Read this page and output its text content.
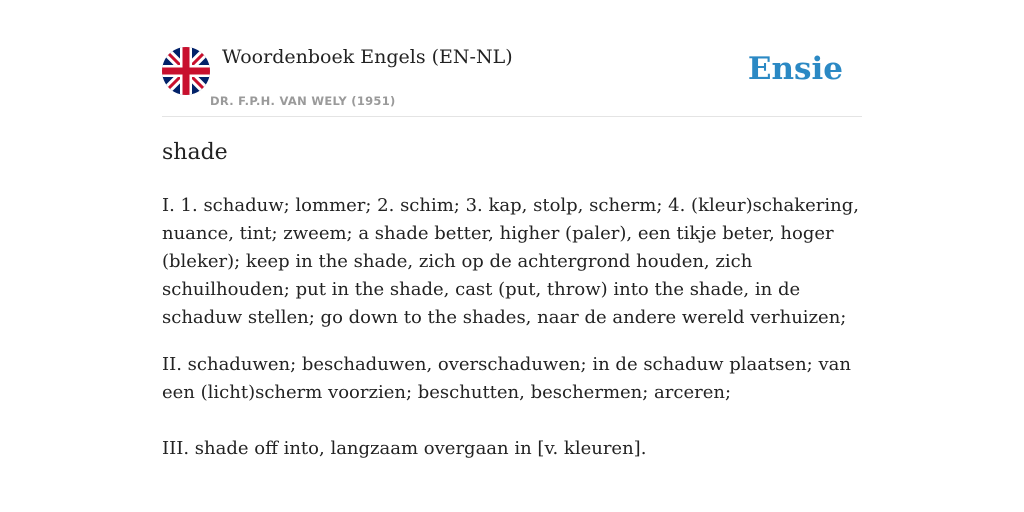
Woordenboek Engels (EN-NL)
DR. F.P.H. VAN WELY (1951)
Ensie
shade
I. 1. schaduw; lommer; 2. schim; 3. kap, stolp, scherm; 4. (kleur)schakering, nuance, tint; zweem; a shade better, higher (paler), een tikje beter, hoger (bleker); keep in the shade, zich op de achtergrond houden, zich schuilhouden; put in the shade, cast (put, throw) into the shade, in de schaduw stellen; go down to the shades, naar de andere wereld verhuizen;
II. schaduwen; beschaduwen, overschaduwen; in de schaduw plaatsen; van een (licht)scherm voorzien; beschutten, beschermen; arceren;
III. shade off into, langzaam overgaan in [v. kleuren].
